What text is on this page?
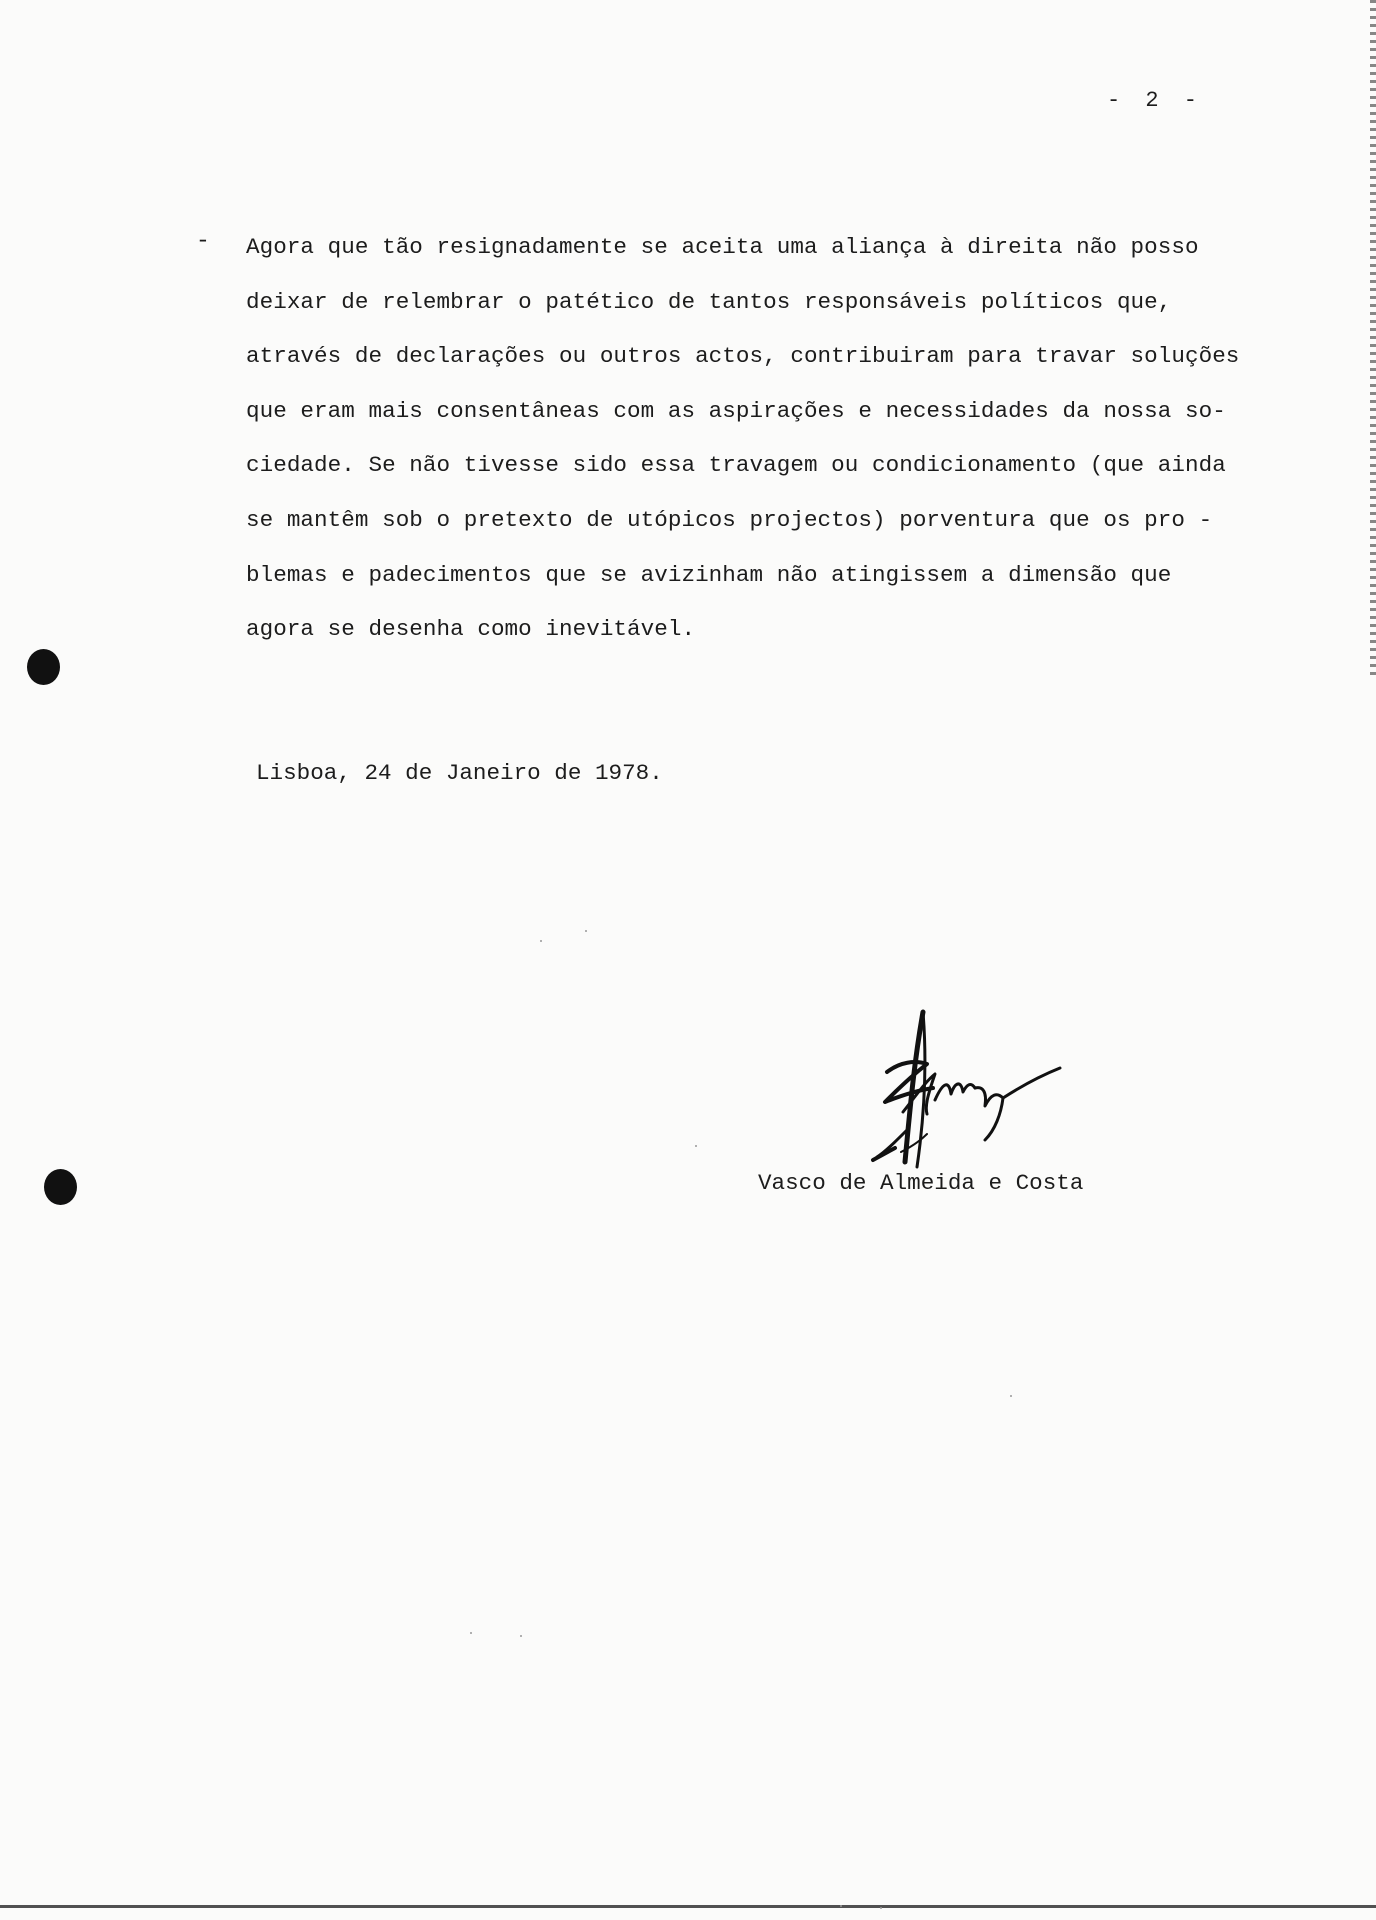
- 2 -
- Agora que tão resignadamente se aceita uma aliança à direita não posso
deixar de relembrar o patético de tantos responsáveis políticos que,
através de declarações ou outros actos, contribuiram para travar soluções
que eram mais consentâneas com as aspirações e necessidades da nossa so-
ciedade. Se não tivesse sido essa travagem ou condicionamento (que ainda
se mantêm sob o pretexto de utópicos projectos) porventura que os pro -
blemas e padecimentos que se avizinham não atingissem a dimensão que
agora se desenha como inevitável.

Lisboa, 24 de Janeiro de 1978.
Vasco de Almeida e Costa
